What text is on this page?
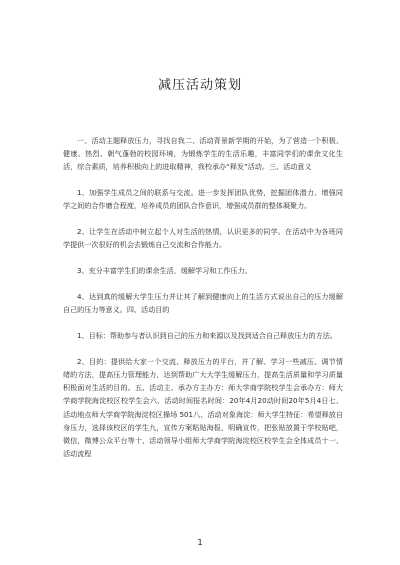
减压活动策划

一、活动主题释放压力，寻找自我二、活动背景新学期的开始，为了营造一个积极、健康、热烈、朝气蓬勃的校园环境，为锻炼学生的生活乐趣，丰富同学们的课余文化生活，综合素质，培养积极向上的进取精神，我校承办“释发”活动。三、活动意义

1、加强学生成员之间的联系与交流。进一步发挥团队优势，挖掘团体潜力、增强同学之间的合作磨合程度，培养成员的团队合作意识，增强成员群的整体凝聚力。

2、让学生在活动中树立起个人对生活的热情，认识更多的同学。在活动中为各班同学提供一次很好的机会去锻炼自己交流和合作能力。

3、充分丰富学生们的课余生活，缓解学习和工作压力。

4、达到真的缓解大学生压力并让其了解到健康向上的生活方式说出自己的压力缓解自己的压力等意义。四、活动目的

1、目标：帮助参与者认识到自己的压力和来源以及找到适合自己释放压力的方法。

2、目的：提供给大家一个交流、释放压力的平台，并了解、学习一些减压、调节情绪的方法，提高压力管理能力，达到帮助广大大学生缓解压力，提高生活质量和学习质量积极面对生活的目的。五、活动主、承办方主办方：师大学商学院校学生会承办方：师大学商学院海淀校区校学生会六、活动时间报名时间：20年4月20动时间20年5月4日七、活动地点师大学商学院海淀校区操场 501八、活动对象海淀：师大学生特征：希望释放自身压力，选择该校区的学生九，宣传方案粘贴海报，明确宣传，把张贴放置于学校贴吧，微信，微博公众平台等十、活动领导小组师大学商学院海淀校区校学生会全体成员十一、活动流程

1
